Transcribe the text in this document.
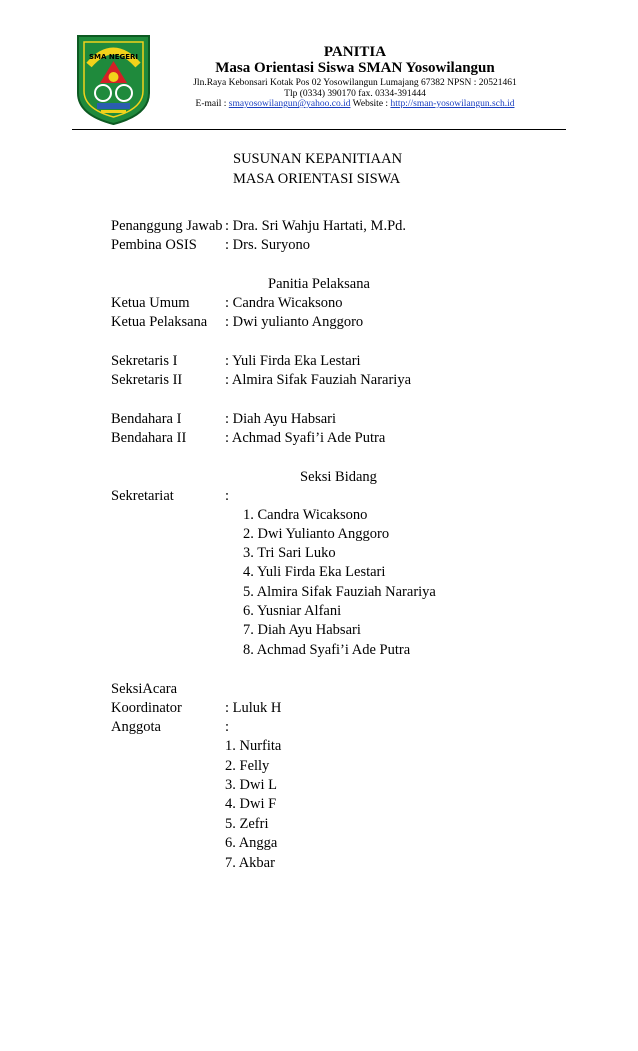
SMA NEGERI	PANITIA
Masa Orientasi Siswa SMAN Yosowilangun
Jln.Raya Kebonsari Kotak Pos 02 Yosowilangun Lumajang 67382 NPSN : 20521461
Tlp (0334) 390170 fax. 0334-391444
E-mail : smayosowilangun@yahoo.co.id Website : http://sman-yosowilangun.sch.id
SUSUNAN KEPANITIAAN
MASA ORIENTASI SISWA
Penanggung Jawab : Dra. Sri Wahju Hartati, M.Pd.
Pembina OSIS : Drs. Suryono
Panitia Pelaksana
Ketua Umum : Candra Wicaksono
Ketua Pelaksana : Dwi yulianto Anggoro
Sekretaris I	: Yuli Firda Eka Lestari
Sekretaris II	: Almira Sifak Fauziah Narariya
Bendahara I	: Diah Ayu Habsari
Bendahara II	: Achmad Syafi’i Ade Putra
Seksi Bidang
Sekretariat	:
1. Candra Wicaksono
2. Dwi Yulianto Anggoro
3. Tri Sari Luko
4. Yuli Firda Eka Lestari
5. Almira Sifak Fauziah Narariya
6. Yusniar Alfani
7. Diah Ayu Habsari
8. Achmad Syafi’i Ade Putra
SeksiAcara
Koordinator	: Luluk H
Anggota	:
1. Nurfita
2. Felly
3. Dwi L
4. Dwi F
5. Zefri
6. Angga
7. Akbar
